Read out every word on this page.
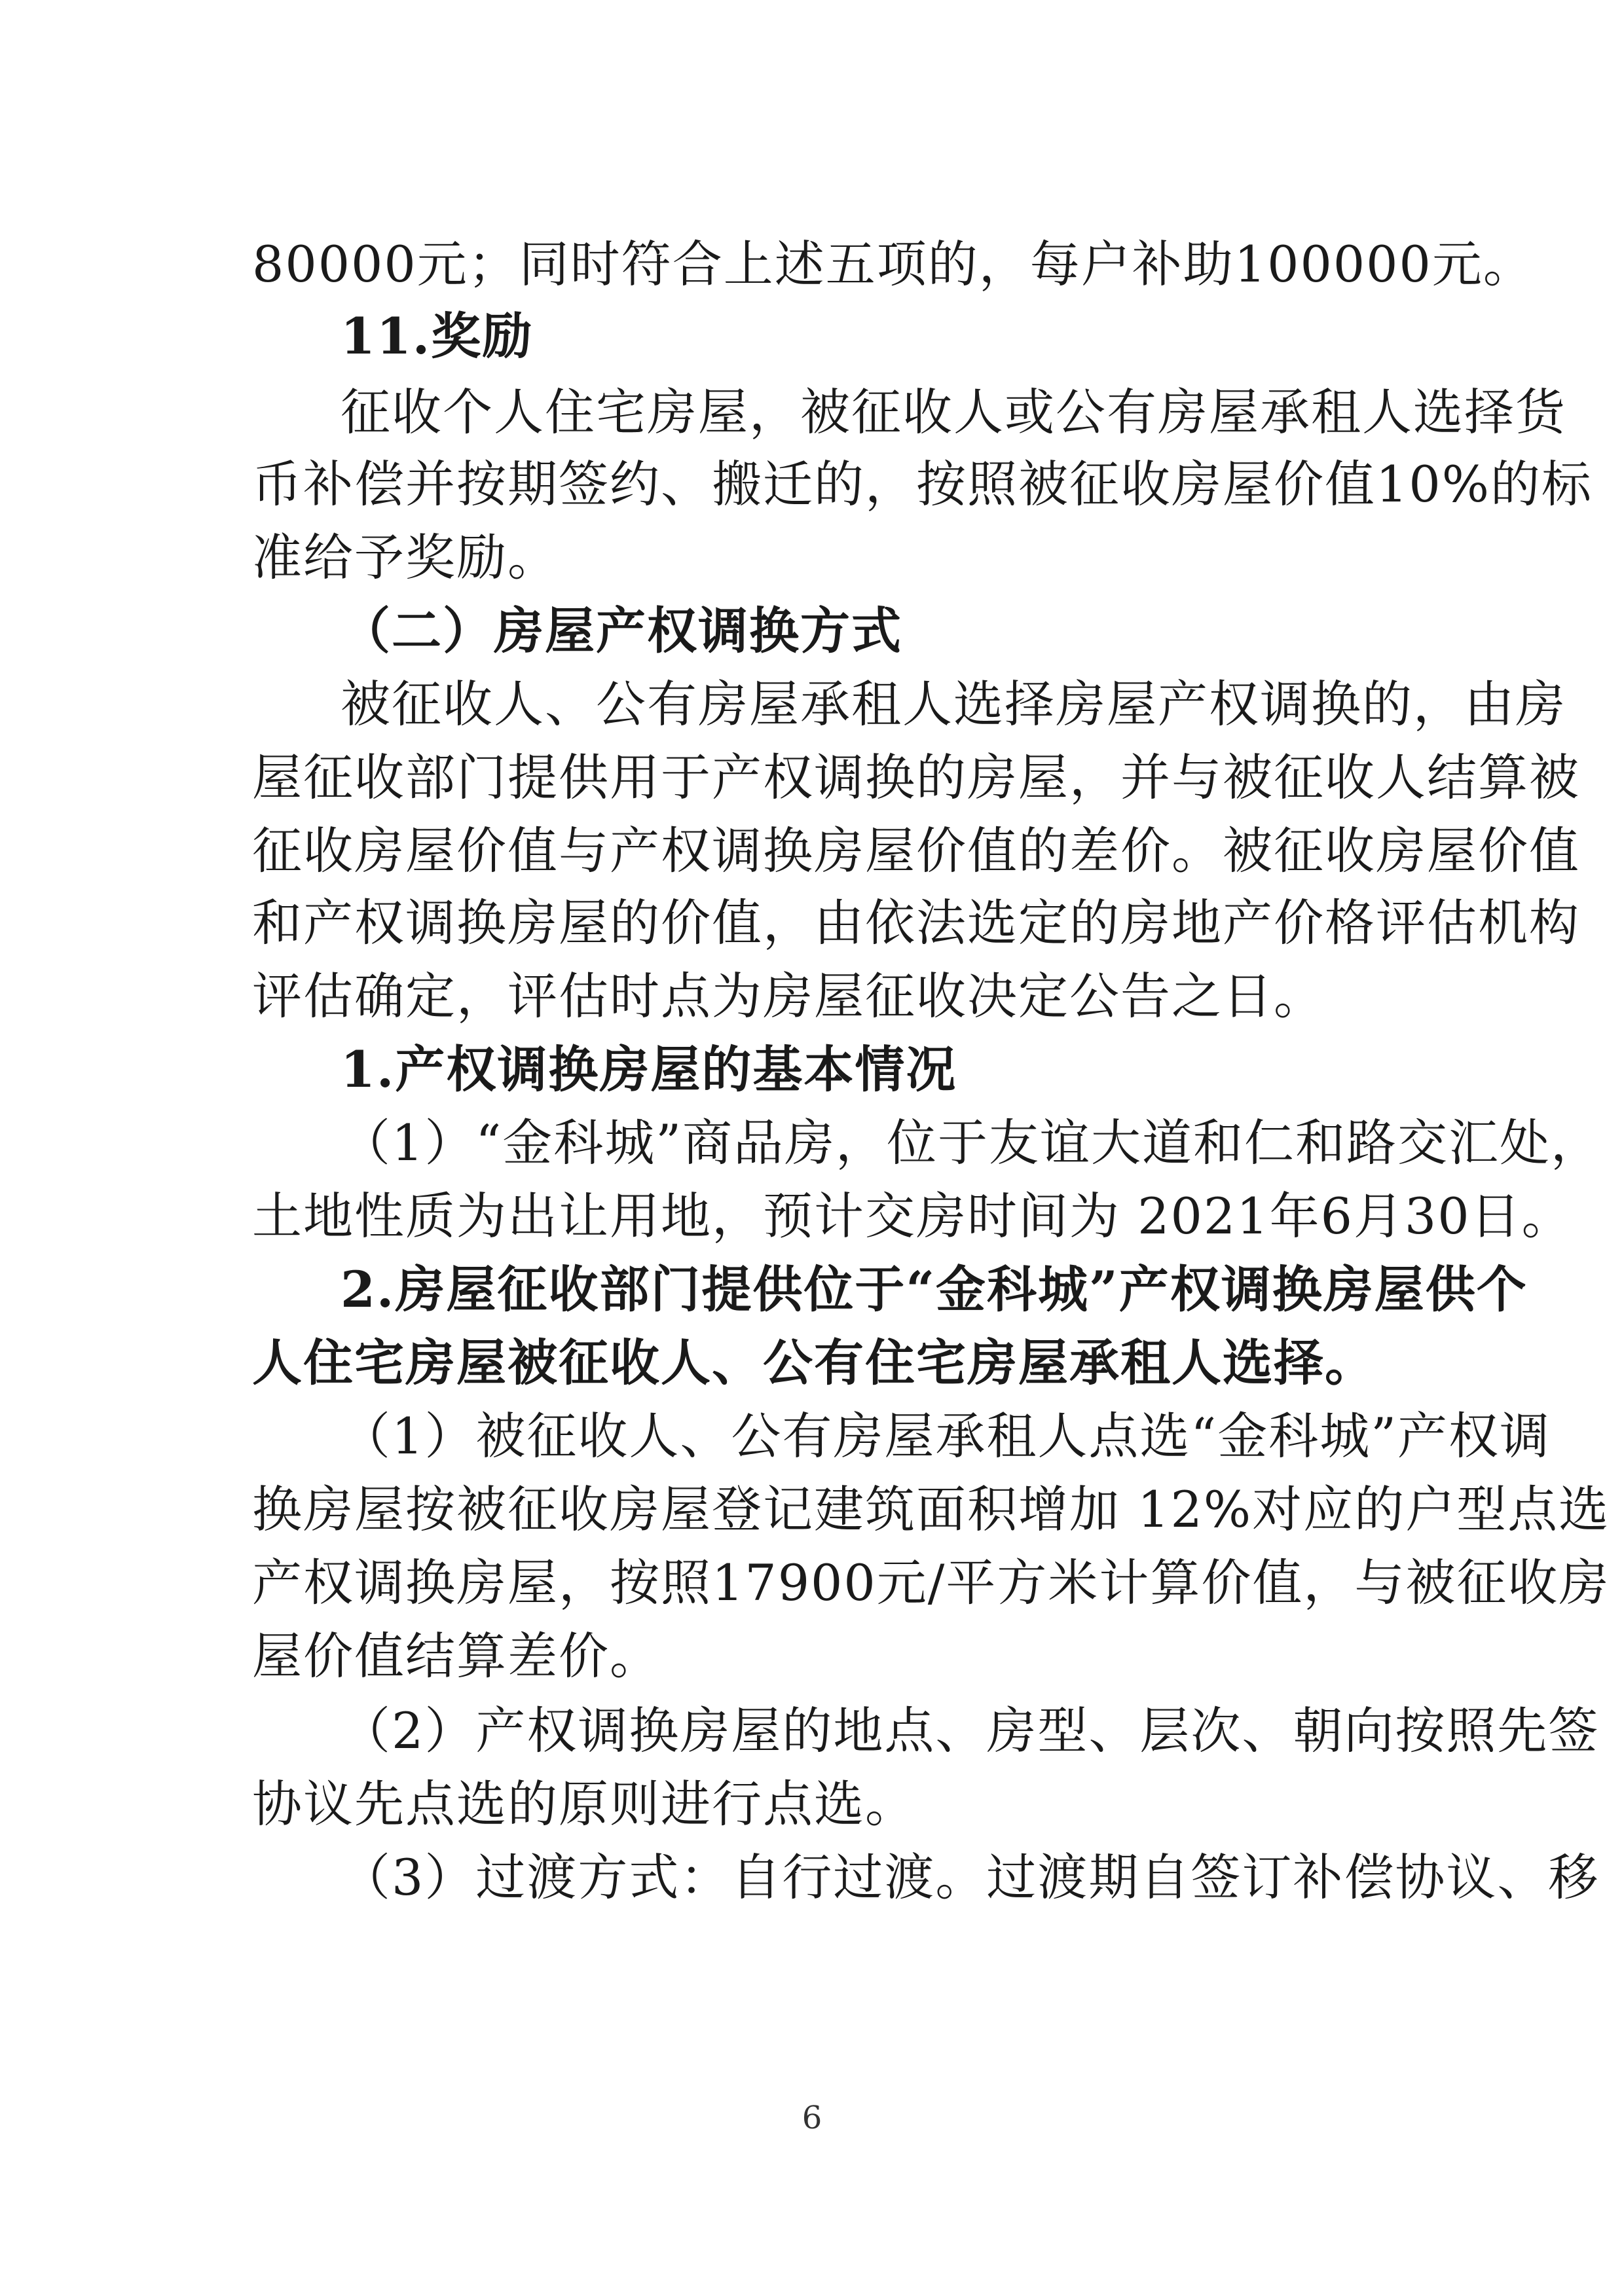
80000元；同时符合上述五项的，每户补助100000元。
11.奖励
征收个人住宅房屋，被征收人或公有房屋承租人选择货
币补偿并按期签约、搬迁的，按照被征收房屋价值10%的标
准给予奖励。
（二）房屋产权调换方式
被征收人、公有房屋承租人选择房屋产权调换的，由房
屋征收部门提供用于产权调换的房屋，并与被征收人结算被
征收房屋价值与产权调换房屋价值的差价。被征收房屋价值
和产权调换房屋的价值，由依法选定的房地产价格评估机构
评估确定，评估时点为房屋征收决定公告之日。
1.产权调换房屋的基本情况
（1）“金科城”商品房，位于友谊大道和仁和路交汇处，
土地性质为出让用地，预计交房时间为 2021年6月30日。
2.房屋征收部门提供位于“金科城”产权调换房屋供个
人住宅房屋被征收人、公有住宅房屋承租人选择。
（1）被征收人、公有房屋承租人点选“金科城”产权调
换房屋按被征收房屋登记建筑面积增加 12%对应的户型点选
产权调换房屋，按照17900元/平方米计算价值，与被征收房
屋价值结算差价。
（2）产权调换房屋的地点、房型、层次、朝向按照先签
协议先点选的原则进行点选。
（3）过渡方式：自行过渡。过渡期自签订补偿协议、移
6
